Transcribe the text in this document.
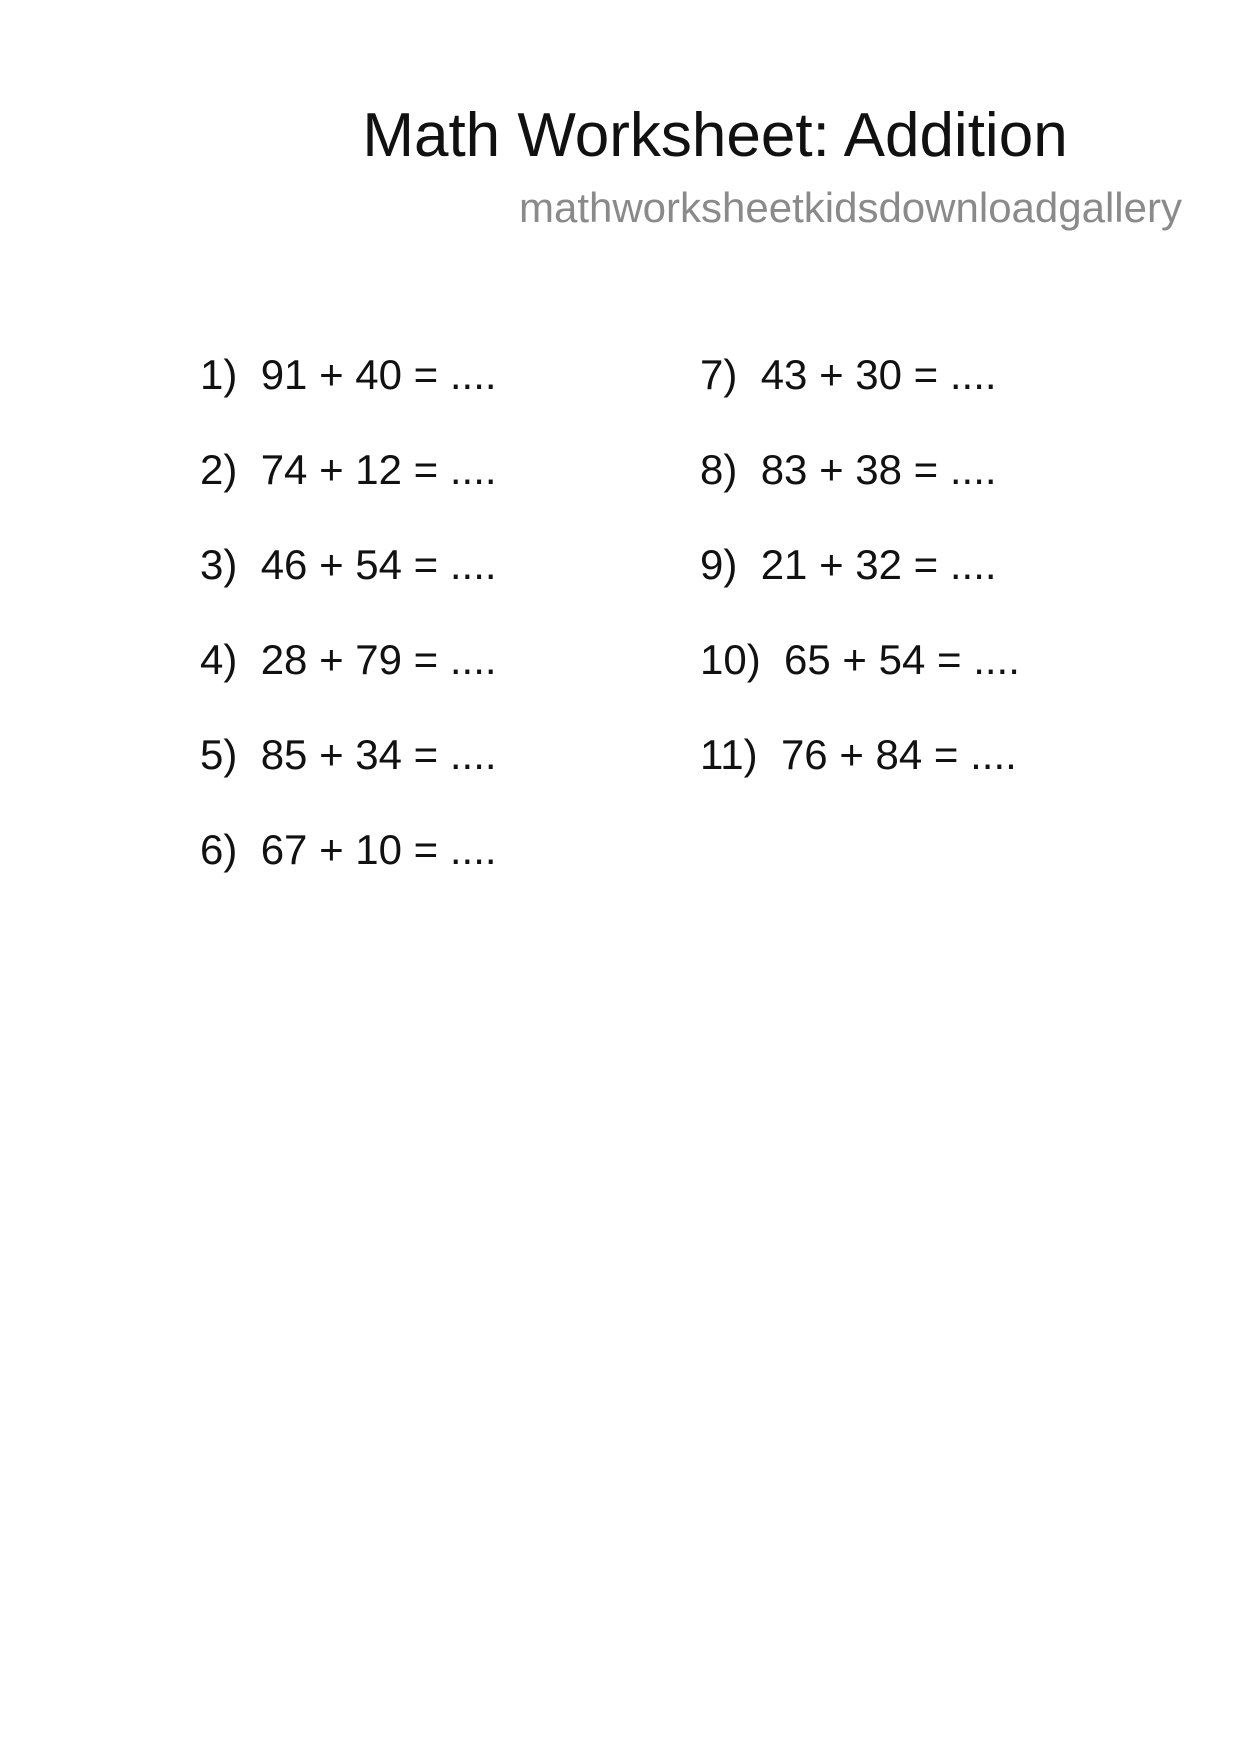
Math Worksheet: Addition
mathworksheetkidsdownloadgallery
1) 91 + 40 = ....
2) 74 + 12 = ....
3) 46 + 54 = ....
4) 28 + 79 = ....
5) 85 + 34 = ....
6) 67 + 10 = ....
7) 43 + 30 = ....
8) 83 + 38 = ....
9) 21 + 32 = ....
10) 65 + 54 = ....
11) 76 + 84 = ....
